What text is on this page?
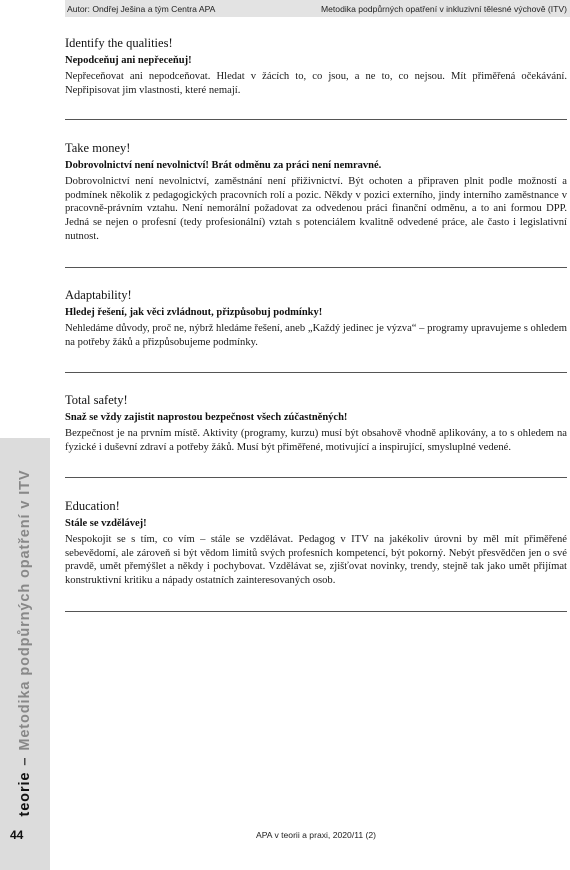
Autor: Ondřej Ješina a tým Centra APA	Metodika podpůrných opatření v inkluzivní tělesné výchově (ITV)
Identify the qualities!
Nepodceňuj ani nepřeceňuj!

Nepřeceňovat ani nepodceňovat. Hledat v žácích to, co jsou, a ne to, co nejsou. Mít přiměřená očekávání. Nepřipisovat jim vlastnosti, které nemají.

Take money!
Dobrovolnictví není nevolnictví! Brát odměnu za práci není nemravné.

Dobrovolnictví není nevolnictví, zaměstnání není přiživnictví. Být ochoten a připraven plnit podle možností a podmínek několik z pedagogických pracovních rolí a pozic. Někdy v pozici externího, jindy interního zaměstnance v pracovně-právním vztahu. Není nemorální požadovat za odvedenou práci finanční odměnu, a to ani formou DPP. Jedná se nejen o profesní (tedy profesionální) vztah s potenciálem kvalitně odvedené práce, ale často i legislativní nutnost.

Adaptability!
Hledej řešení, jak věci zvládnout, přizpůsobuj podmínky!

Nehledáme důvody, proč ne, nýbrž hledáme řešení, aneb „Každý jedinec je výzva“ – programy upravujeme s ohledem na potřeby žáků a přizpůsobujeme podmínky.

Total safety!
Snaž se vždy zajistit naprostou bezpečnost všech zúčastněných!

Bezpečnost je na prvním místě. Aktivity (programy, kurzu) musí být obsahově vhodně aplikovány, a to s ohledem na fyzické i duševní zdraví a potřeby žáků. Musí být přiměřené, motivující a inspirující, smysluplné vedené.

Education!
Stále se vzdělávej!

Nespokojit se s tím, co vím – stále se vzdělávat. Pedagog v ITV na jakékoliv úrovni by měl mít přiměřené sebevědomí, ale zároveň si být vědom limitů svých profesních kompetencí, být pokorný. Nebýt přesvědčen jen o své pravdě, umět přemýšlet a někdy i pochybovat. Vzdělávat se, zjišťovat novinky, trendy, stejně tak jako umět přijímat konstruktivní kritiku a nápady ostatních zainteresovaných osob.

teorie–Metodika podpůrných opatření v ITV
44	APA v teorii a praxi, 2020/11 (2)
